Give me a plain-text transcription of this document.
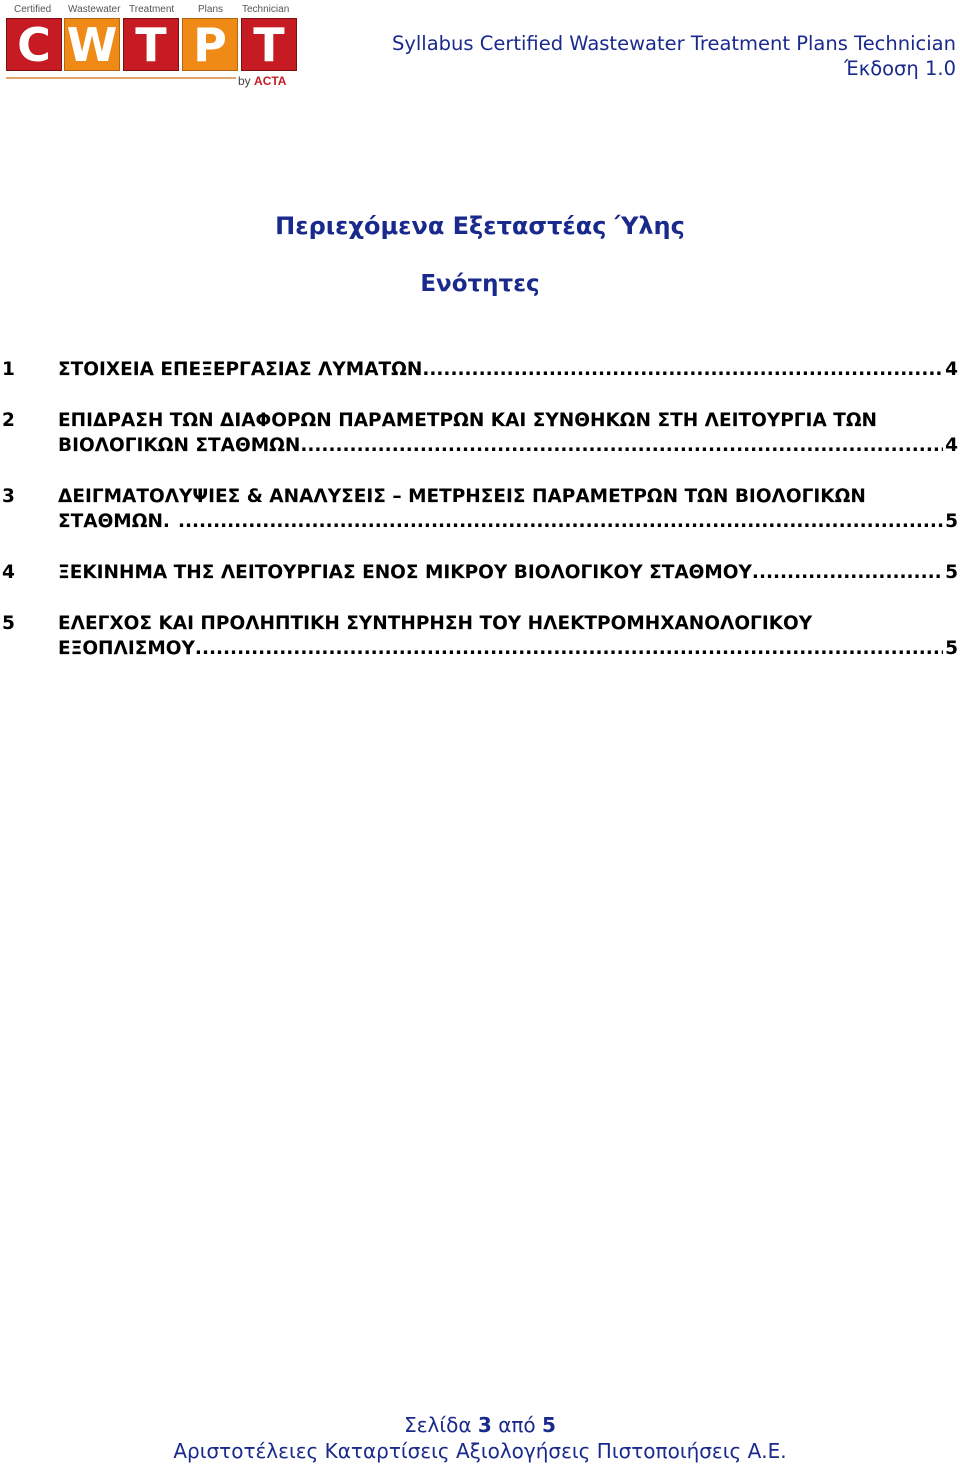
Certified Wastewater Treatment Plans Technician
C W T P T
by ACTA
Syllabus Certified Wastewater Treatment Plans Technician
Έκδοση 1.0
Περιεχόμενα Εξεταστέας Ύλης
Ενότητες
1 ΣΤΟΙΧΕΙΑ ΕΠΕΞΕΡΓΑΣΙΑΣ ΛΥΜΑΤΩΝ. .....	4
2 ΕΠΙΔΡΑΣΗ ΤΩΝ ΔΙΑΦΟΡΩΝ ΠΑΡΑΜΕΤΡΩΝ ΚΑΙ ΣΥΝΘΗΚΩΝ ΣΤΗ ΛΕΙΤΟΥΡΓΙΑ ΤΩΝ
ΒΙΟΛΟΓΙΚΩΝ ΣΤΑΘΜΩΝ. .....	4
3 ΔΕΙΓΜΑΤΟΛΥΨΙΕΣ & ΑΝΑΛΥΣΕΙΣ – ΜΕΤΡΗΣΕΙΣ ΠΑΡΑΜΕΤΡΩΝ ΤΩΝ ΒΙΟΛΟΓΙΚΩΝ
ΣΤΑΘΜΩΝ. .....	5
4 ΞΕΚΙΝΗΜΑ ΤΗΣ ΛΕΙΤΟΥΡΓΙΑΣ ΕΝΟΣ ΜΙΚΡΟΥ ΒΙΟΛΟΓΙΚΟΥ ΣΤΑΘΜΟΥ. .....	5
5 ΕΛΕΓΧΟΣ ΚΑΙ ΠΡΟΛΗΠΤΙΚΗ ΣΥΝΤΗΡΗΣΗ ΤΟΥ ΗΛΕΚΤΡΟΜΗΧΑΝΟΛΟΓΙΚΟΥ
ΕΞΟΠΛΙΣΜΟΥ. .....	5
Σελίδα 3 από 5
Αριστοτέλειες Καταρτίσεις Αξιολογήσεις Πιστοποιήσεις Α.Ε.
